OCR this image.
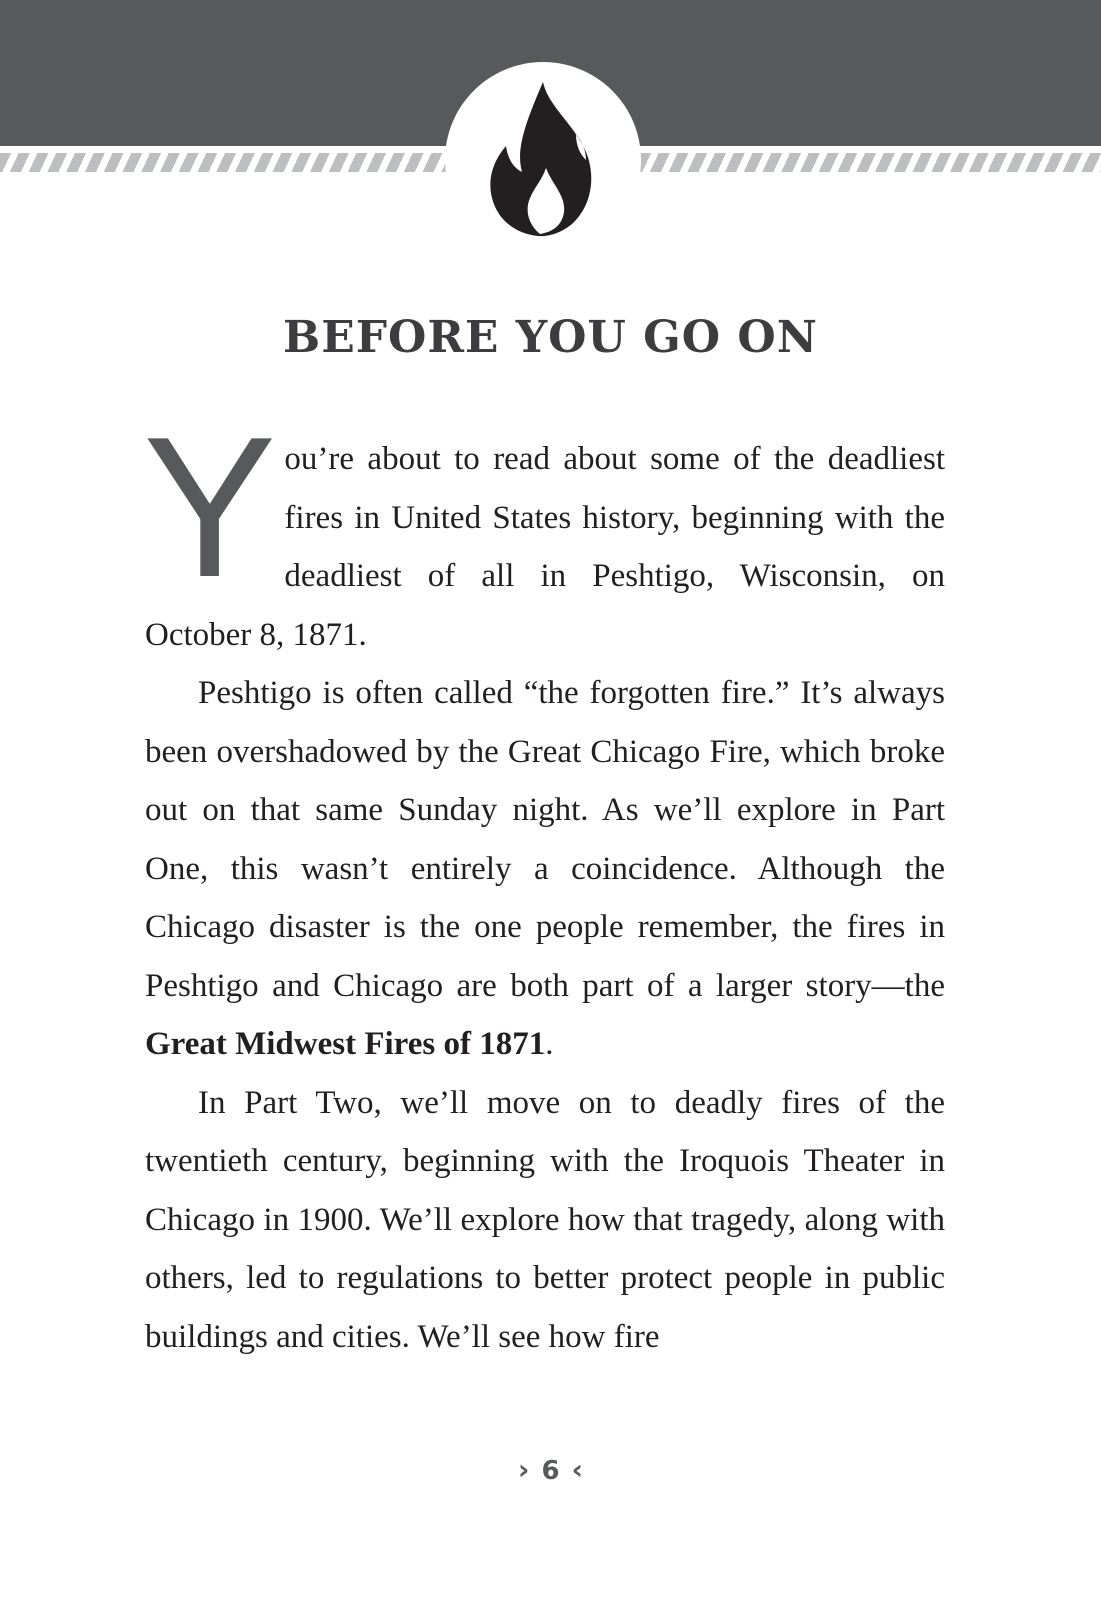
BEFORE YOU GO ON

You’re about to read about some of the deadliest fires in United States history, beginning with the deadliest of all in Peshtigo, Wisconsin, on October 8, 1871.

Peshtigo is often called “the forgotten fire.” It’s always been overshadowed by the Great Chicago Fire, which broke out on that same Sunday night. As we’ll explore in Part One, this wasn’t entirely a coincidence. Although the Chicago disaster is the one people remember, the fires in Peshtigo and Chicago are both part of a larger story—the Great Midwest Fires of 1871.

In Part Two, we’ll move on to deadly fires of the twentieth century, beginning with the Iroquois Theater in Chicago in 1900. We’ll explore how that tragedy, along with others, led to regulations to better protect people in public buildings and cities. We’ll see how fire

› 6 ‹
